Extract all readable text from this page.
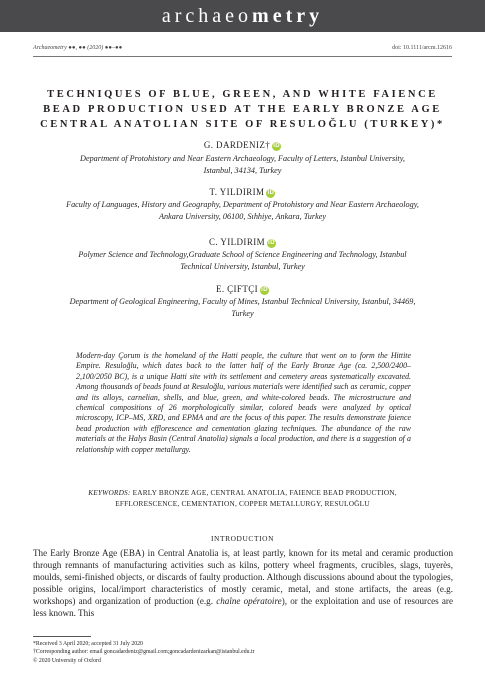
archaeometry
Archaeometry ●●, ●● (2020) ●●–●●	doi: 10.1111/arcm.12616
TECHNIQUES OF BLUE, GREEN, AND WHITE FAIENCE
BEAD PRODUCTION USED AT THE EARLY BRONZE AGE
CENTRAL ANATOLIAN SITE OF RESULOĞLU (TURKEY)*
G. DARDENIZ† iD
Department of Protohistory and Near Eastern Archaeology, Faculty of Letters, Istanbul University,
Istanbul, 34134, Turkey
T. YILDIRIM iD
Faculty of Languages, History and Geography, Department of Protohistory and Near Eastern Archaeology,
Ankara University, 06100, Sıhhiye, Ankara, Turkey
C. YILDIRIM iD
Polymer Science and Technology,Graduate School of Science Engineering and Technology, Istanbul
Technical University, Istanbul, Turkey
E. ÇIFTÇI iD
Department of Geological Engineering, Faculty of Mines, Istanbul Technical University, Istanbul, 34469,
Turkey
Modern-day Çorum is the homeland of the Hatti people, the culture that went on to form the Hittite Empire. Resuloğlu, which dates back to the latter half of the Early Bronze Age (ca. 2,500/2400–2,100/2050 BC), is a unique Hatti site with its settlement and cemetery areas systematically excavated. Among thousands of beads found at Resuloğlu, various materials were identified such as ceramic, copper and its alloys, carnelian, shells, and blue, green, and white-colored beads. The microstructure and chemical compositions of 26 morphologically similar, colored beads were analyzed by optical microscopy, ICP–MS, XRD, and EPMA and are the focus of this paper. The results demonstrate faience bead production with efflorescence and cementation glazing techniques. The abundance of the raw materials at the Halys Basin (Central Anatolia) signals a local production, and there is a suggestion of a relationship with copper metallurgy.
KEYWORDS: EARLY BRONZE AGE, CENTRAL ANATOLIA, FAIENCE BEAD PRODUCTION,
EFFLORESCENCE, CEMENTATION, COPPER METALLURGY, RESULOĞLU
INTRODUCTION
The Early Bronze Age (EBA) in Central Anatolia is, at least partly, known for its metal and ceramic production through remnants of manufacturing activities such as kilns, pottery wheel fragments, crucibles, slags, tuyerès, moulds, semi-finished objects, or discards of faulty production. Although discussions abound about the typologies, possible origins, local/import characteristics of mostly ceramic, metal, and stone artifacts, the areas (e.g. workshops) and organization of production (e.g. chaîne opératoire), or the exploitation and use of resources are less known. This
*Received 3 April 2020; accepted 31 July 2020
†Corresponding author: email goncadardeniz@gmail.com;goncadardenizarkan@istanbul.edu.tr
© 2020 University of Oxford
